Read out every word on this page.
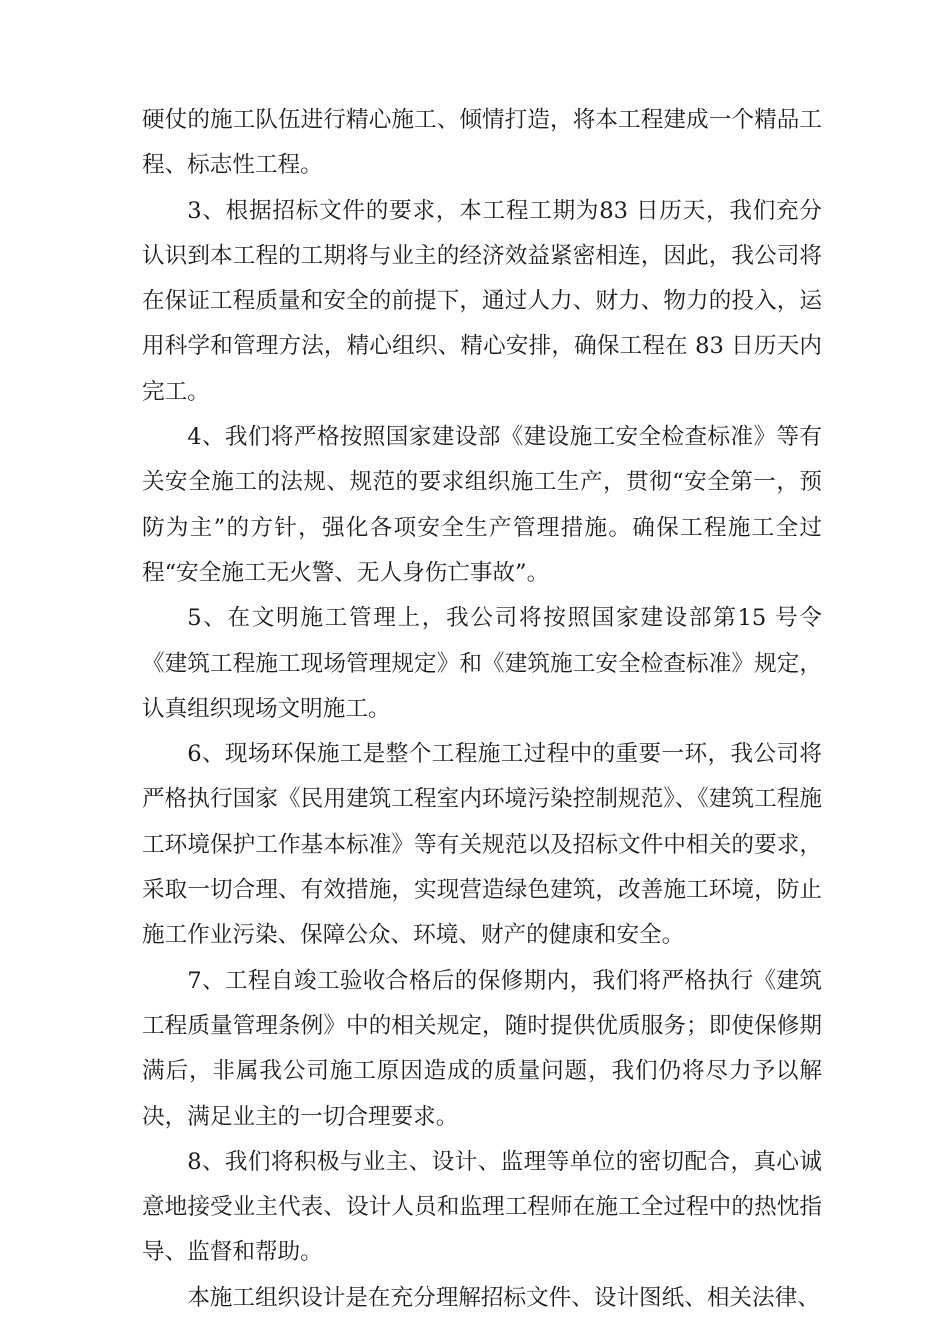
硬仗的施工队伍进行精心施工、倾情打造，将本工程建成一个精品工程、标志性工程。

3、根据招标文件的要求，本工程工期为83 日历天，我们充分认识到本工程的工期将与业主的经济效益紧密相连，因此，我公司将在保证工程质量和安全的前提下，通过人力、财力、物力的投入，运用科学和管理方法，精心组织、精心安排，确保工程在 83 日历天内完工。

4、我们将严格按照国家建设部《建设施工安全检查标准》等有关安全施工的法规、规范的要求组织施工生产，贯彻“安全第一，预防为主”的方针，强化各项安全生产管理措施。确保工程施工全过程“安全施工无火警、无人身伤亡事故”。

5、在文明施工管理上，我公司将按照国家建设部第15 号令《建筑工程施工现场管理规定》和《建筑施工安全检查标准》规定，认真组织现场文明施工。

6、现场环保施工是整个工程施工过程中的重要一环，我公司将严格执行国家《民用建筑工程室内环境污染控制规范》、《建筑工程施工环境保护工作基本标准》等有关规范以及招标文件中相关的要求，采取一切合理、有效措施，实现营造绿色建筑，改善施工环境，防止施工作业污染、保障公众、环境、财产的健康和安全。

7、工程自竣工验收合格后的保修期内，我们将严格执行《建筑工程质量管理条例》中的相关规定，随时提供优质服务；即使保修期满后，非属我公司施工原因造成的质量问题，我们仍将尽力予以解决，满足业主的一切合理要求。

8、我们将积极与业主、设计、监理等单位的密切配合，真心诚意地接受业主代表、设计人员和监理工程师在施工全过程中的热忱指导、监督和帮助。

本施工组织设计是在充分理解招标文件、设计图纸、相关法律、
